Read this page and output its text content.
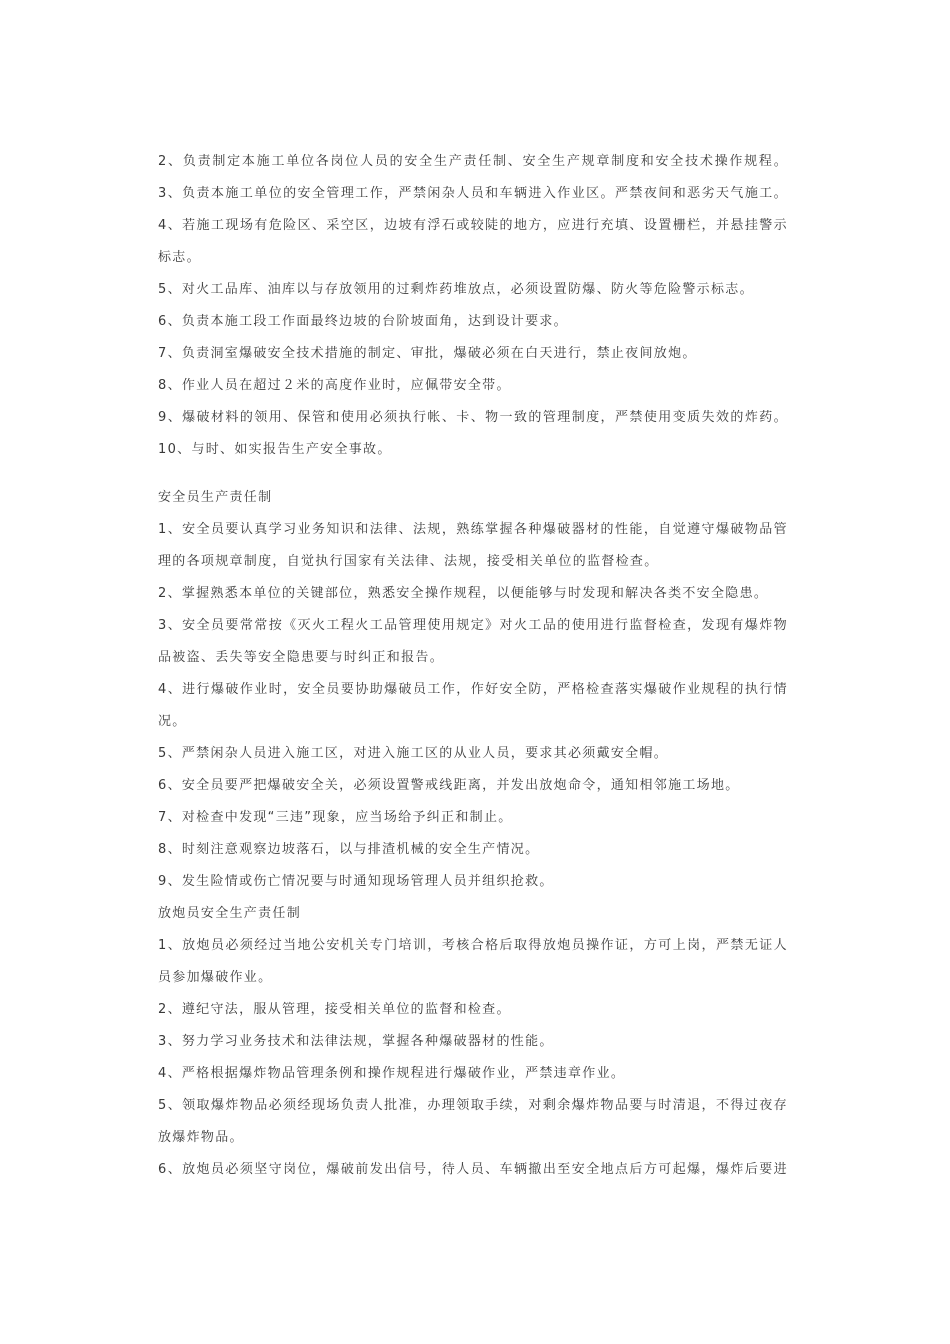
2、负责制定本施工单位各岗位人员的安全生产责任制、安全生产规章制度和安全技术操作规程。
3、负责本施工单位的安全管理工作，严禁闲杂人员和车辆进入作业区。严禁夜间和恶劣天气施工。
4、若施工现场有危险区、采空区，边坡有浮石或较陡的地方，应进行充填、设置栅栏，并悬挂警示
标志。
5、对火工品库、油库以与存放领用的过剩炸药堆放点，必须设置防爆、防火等危险警示标志。
6、负责本施工段工作面最终边坡的台阶坡面角，达到设计要求。
7、负责洞室爆破安全技术措施的制定、审批，爆破必须在白天进行，禁止夜间放炮。
8、作业人员在超过２米的高度作业时，应佩带安全带。
9、爆破材料的领用、保管和使用必须执行帐、卡、物一致的管理制度，严禁使用变质失效的炸药。
10、与时、如实报告生产安全事故。
安全员生产责任制
1、安全员要认真学习业务知识和法律、法规，熟练掌握各种爆破器材的性能，自觉遵守爆破物品管
理的各项规章制度，自觉执行国家有关法律、法规，接受相关单位的监督检查。
2、掌握熟悉本单位的关键部位，熟悉安全操作规程，以便能够与时发现和解决各类不安全隐患。
3、安全员要常常按《灭火工程火工品管理使用规定》对火工品的使用进行监督检查，发现有爆炸物
品被盗、丢失等安全隐患要与时纠正和报告。
4、进行爆破作业时，安全员要协助爆破员工作，作好安全防，严格检查落实爆破作业规程的执行情
况。
5、严禁闲杂人员进入施工区，对进入施工区的从业人员，要求其必须戴安全帽。
6、安全员要严把爆破安全关，必须设置警戒线距离，并发出放炮命令，通知相邻施工场地。
7、对检查中发现“三违”现象，应当场给予纠正和制止。
8、时刻注意观察边坡落石，以与排渣机械的安全生产情况。
9、发生险情或伤亡情况要与时通知现场管理人员并组织抢救。
放炮员安全生产责任制
1、放炮员必须经过当地公安机关专门培训，考核合格后取得放炮员操作证，方可上岗，严禁无证人
员参加爆破作业。
2、遵纪守法，服从管理，接受相关单位的监督和检查。
3、努力学习业务技术和法律法规，掌握各种爆破器材的性能。
4、严格根据爆炸物品管理条例和操作规程进行爆破作业，严禁违章作业。
5、领取爆炸物品必须经现场负责人批准，办理领取手续，对剩余爆炸物品要与时清退，不得过夜存
放爆炸物品。
6、放炮员必须坚守岗位，爆破前发出信号，待人员、车辆撤出至安全地点后方可起爆，爆炸后要进
